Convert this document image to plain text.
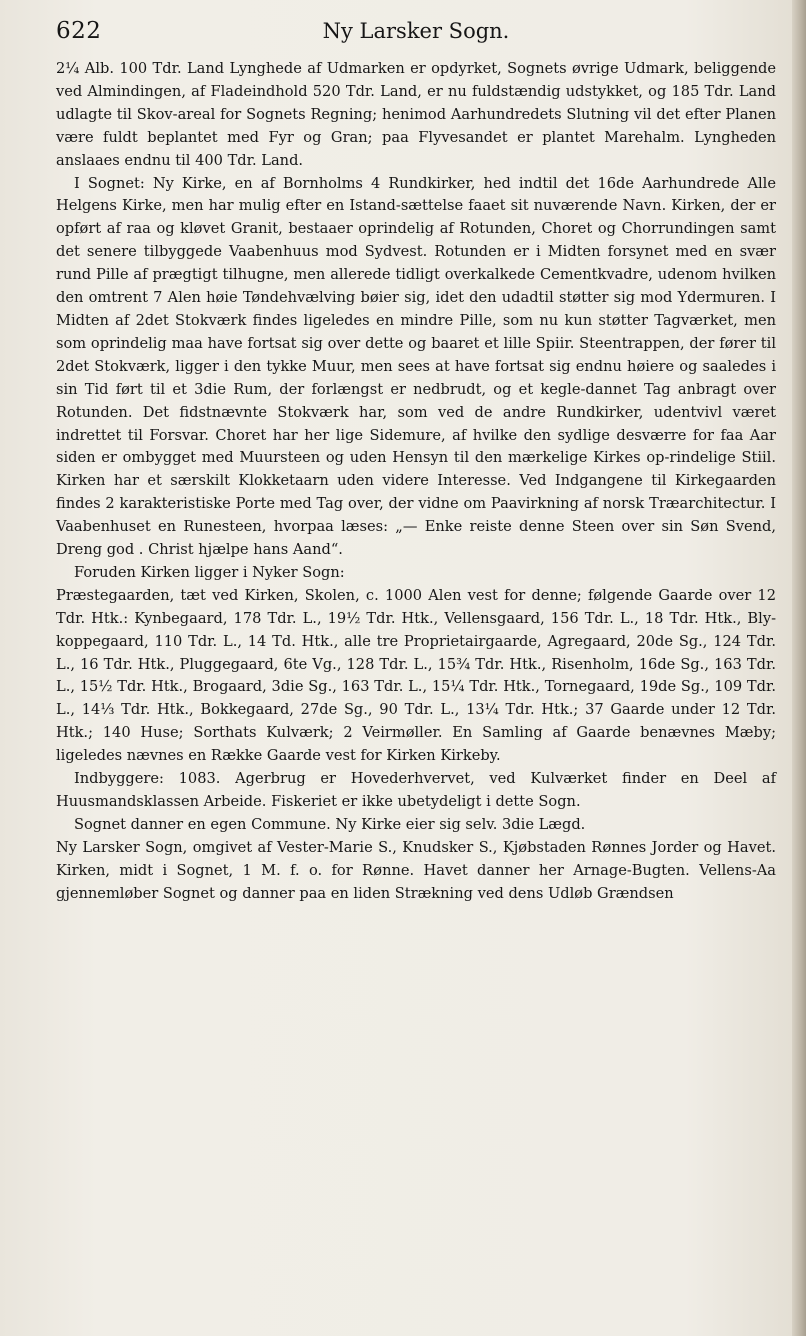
622	Ny Larsker Sogn.

2¼ Alb. 100 Tdr. Land Lynghede af Udmarken er opdyrket, Sognets øvrige Udmark, beliggende ved Almindingen, af Fladeindhold 520 Tdr. Land, er nu fuldstændig udstykket, og 185 Tdr. Land udlagte til Skov-areal for Sognets Regning; henimod Aarhundredets Slutning vil det efter Planen være fuldt beplantet med Fyr og Gran; paa Flyvesandet er plantet Marehalm. Lyngheden anslaaes endnu til 400 Tdr. Land.

I Sognet: Ny Kirke, en af Bornholms 4 Rundkirker, hed indtil det 16de Aarhundrede Alle Helgens Kirke, men har mulig efter en Istand-sættelse faaet sit nuværende Navn. Kirken, der er opført af raa og kløvet Granit, bestaaer oprindelig af Rotunden, Choret og Chorrundingen samt det senere tilbyggede Vaabenhuus mod Sydvest. Rotunden er i Midten forsynet med en svær rund Pille af prægtigt tilhugne, men allerede tidligt overkalkede Cementkvadre, udenom hvilken den omtrent 7 Alen høie Tøndehvælving bøier sig, idet den udadtil støtter sig mod Ydermuren. I Midten af 2det Stokværk findes ligeledes en mindre Pille, som nu kun støtter Tagværket, men som oprindelig maa have fortsat sig over dette og baaret et lille Spiir. Steentrappen, der fører til 2det Stokværk, ligger i den tykke Muur, men sees at have fortsat sig endnu høiere og saaledes i sin Tid ført til et 3die Rum, der forlængst er nedbrudt, og et kegle-dannet Tag anbragt over Rotunden. Det fidstnævnte Stokværk har, som ved de andre Rundkirker, udentvivl været indrettet til Forsvar. Choret har her lige Sidemure, af hvilke den sydlige desværre for faa Aar siden er ombygget med Muursteen og uden Hensyn til den mærkelige Kirkes op-rindelige Stiil. Kirken har et særskilt Klokketaarn uden videre Interesse. Ved Indgangene til Kirkegaarden findes 2 karakteristiske Porte med Tag over, der vidne om Paavirkning af norsk Træarchitectur. I Vaabenhuset en Runesteen, hvorpaa læses: „— Enke reiste denne Steen over sin Søn Svend, Dreng god . Christ hjælpe hans Aand“.

Foruden Kirken ligger i Nyker Sogn:

Præstegaarden, tæt ved Kirken, Skolen, c. 1000 Alen vest for denne; følgende Gaarde over 12 Tdr. Htk.: Kynbegaard, 178 Tdr. L., 19½ Tdr. Htk., Vellensgaard, 156 Tdr. L., 18 Tdr. Htk., Bly-koppegaard, 110 Tdr. L., 14 Td. Htk., alle tre Proprietairgaarde, Agregaard, 20de Sg., 124 Tdr. L., 16 Tdr. Htk., Pluggegaard, 6te Vg., 128 Tdr. L., 15¾ Tdr. Htk., Risenholm, 16de Sg., 163 Tdr. L., 15½ Tdr. Htk., Brogaard, 3die Sg., 163 Tdr. L., 15¼ Tdr. Htk., Tornegaard, 19de Sg., 109 Tdr. L., 14⅓ Tdr. Htk., Bokkegaard, 27de Sg., 90 Tdr. L., 13¼ Tdr. Htk.; 37 Gaarde under 12 Tdr. Htk.; 140 Huse; Sorthats Kulværk; 2 Veirmøller. En Samling af Gaarde benævnes Mæby; ligeledes nævnes en Række Gaarde vest for Kirken Kirkeby.

Indbyggere: 1083. Agerbrug er Hovederhvervet, ved Kulværket finder en Deel af Huusmandsklassen Arbeide. Fiskeriet er ikke ubetydeligt i dette Sogn.

Sognet danner en egen Commune. Ny Kirke eier sig selv. 3die Lægd.

Ny Larsker Sogn, omgivet af Vester-Marie S., Knudsker S., Kjøbstaden Rønnes Jorder og Havet. Kirken, midt i Sognet, 1 M. f. o. for Rønne. Havet danner her Arnage-Bugten. Vellens-Aa gjennemløber Sognet og danner paa en liden Strækning ved dens Udløb Grændsen
